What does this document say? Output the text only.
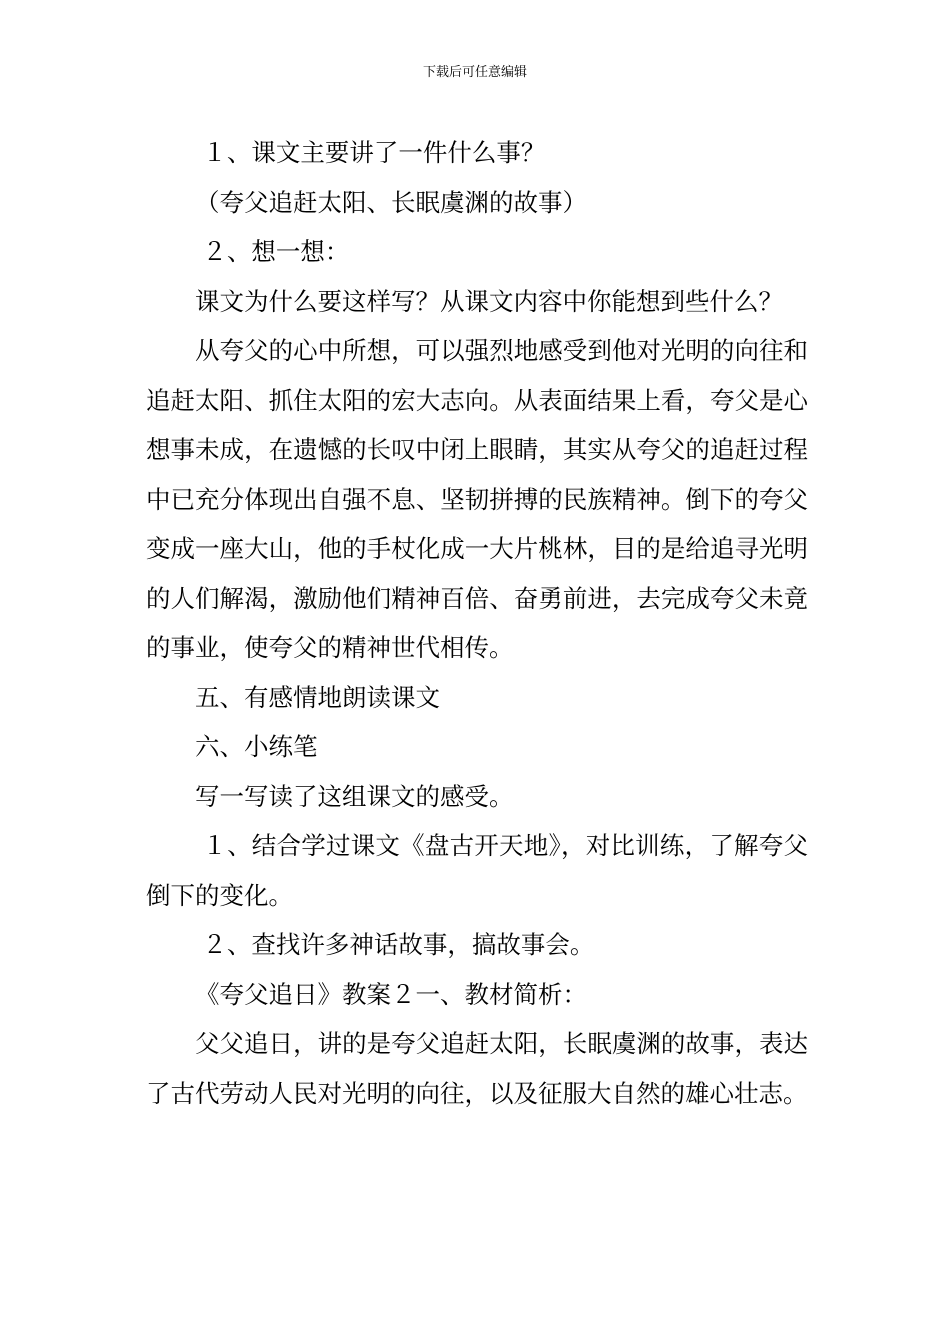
下载后可任意编辑

１、课文主要讲了一件什么事？

（夸父追赶太阳、长眠虞渊的故事）

２、想一想：

课文为什么要这样写？从课文内容中你能想到些什么？

从夸父的心中所想，可以强烈地感受到他对光明的向往和追赶太阳、抓住太阳的宏大志向。从表面结果上看，夸父是心想事未成，在遗憾的长叹中闭上眼睛，其实从夸父的追赶过程中已充分体现出自强不息、坚韧拼搏的民族精神。倒下的夸父变成一座大山，他的手杖化成一大片桃林，目的是给追寻光明的人们解渴，激励他们精神百倍、奋勇前进，去完成夸父未竟的事业，使夸父的精神世代相传。

五、有感情地朗读课文

六、小练笔

写一写读了这组课文的感受。

１、结合学过课文《盘古开天地》，对比训练，了解夸父倒下的变化。

２、查找许多神话故事，搞故事会。

《夸父追日》教案２一、教材简析：

父父追日，讲的是夸父追赶太阳，长眠虞渊的故事，表达了古代劳动人民对光明的向往，以及征服大自然的雄心壮志。
